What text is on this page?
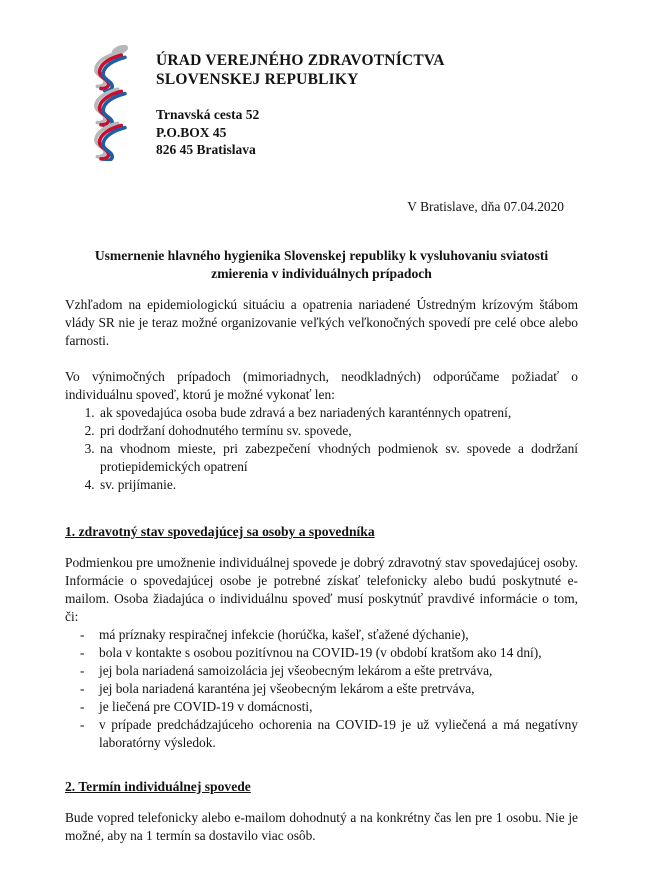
ÚRAD VEREJNÉHO ZDRAVOTNÍCTVA
SLOVENSKEJ REPUBLIKY
Trnavská cesta 52
P.O.BOX 45
826 45 Bratislava
V Bratislave, dňa 07.04.2020
Usmernenie hlavného hygienika Slovenskej republiky k vysluhovaniu sviatosti zmierenia v individuálnych prípadoch

Vzhľadom na epidemiologickú situáciu a opatrenia nariadené Ústredným krízovým štábom vlády SR nie je teraz možné organizovanie veľkých veľkonočných spovedí pre celé obce alebo farnosti.

Vo výnimočných prípadoch (mimoriadnych, neodkladných) odporúčame požiadať o individuálnu spoveď, ktorú je možné vykonať len:

1. ak spovedajúca osoba bude zdravá a bez nariadených karanténnych opatrení,
2. pri dodržaní dohodnutého termínu sv. spovede,
3. na vhodnom mieste, pri zabezpečení vhodných podmienok sv. spovede a dodržaní protiepidemických opatrení
4. sv. prijímanie.
1. zdravotný stav spovedajúcej sa osoby a spovedníka

Podmienkou pre umožnenie individuálnej spovede je dobrý zdravotný stav spovedajúcej osoby. Informácie o spovedajúcej osobe je potrebné získať telefonicky alebo budú poskytnuté e-mailom. Osoba žiadajúca o individuálnu spoveď musí poskytnúť pravdivé informácie o tom, či:

- má príznaky respiračnej infekcie (horúčka, kašeľ, sťažené dýchanie),
- bola v kontakte s osobou pozitívnou na COVID-19 (v období kratšom ako 14 dní),
- jej bola nariadená samoizolácia jej všeobecným lekárom a ešte pretrváva,
- jej bola nariadená karanténa jej všeobecným lekárom a ešte pretrváva,
- je liečená pre COVID-19 v domácnosti,
- v prípade predchádzajúceho ochorenia na COVID-19 je už vyliečená a má negatívny laboratórny výsledok.
2. Termín individuálnej spovede

Bude vopred telefonicky alebo e-mailom dohodnutý a na konkrétny čas len pre 1 osobu. Nie je možné, aby na 1 termín sa dostavilo viac osôb.
